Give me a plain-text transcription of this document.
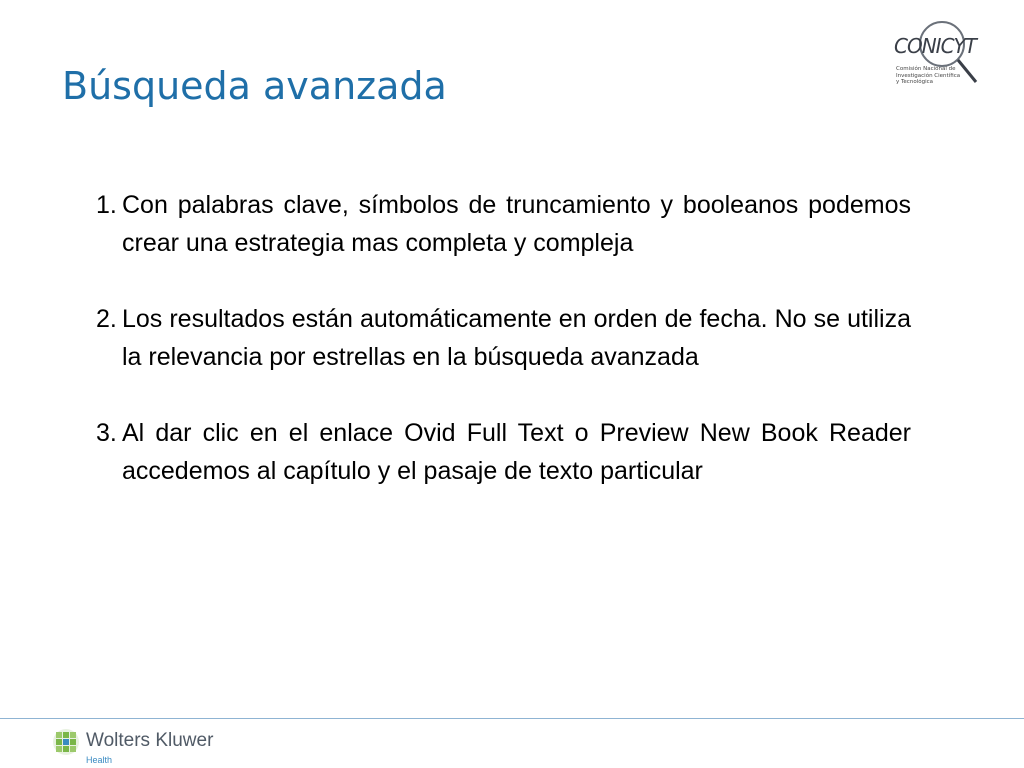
CONICYT
Comisión Nacional de
Investigación Científica
y Tecnológica
Búsqueda avanzada
1. Con palabras clave, símbolos de truncamiento y booleanos podemos crear una estrategia mas completa y compleja
2. Los resultados están automáticamente en orden de fecha. No se utiliza la relevancia por estrellas en la búsqueda avanzada
3. Al dar clic en el enlace Ovid Full Text o Preview New Book Reader accedemos al capítulo y el pasaje de texto particular
Wolters Kluwer
Health
